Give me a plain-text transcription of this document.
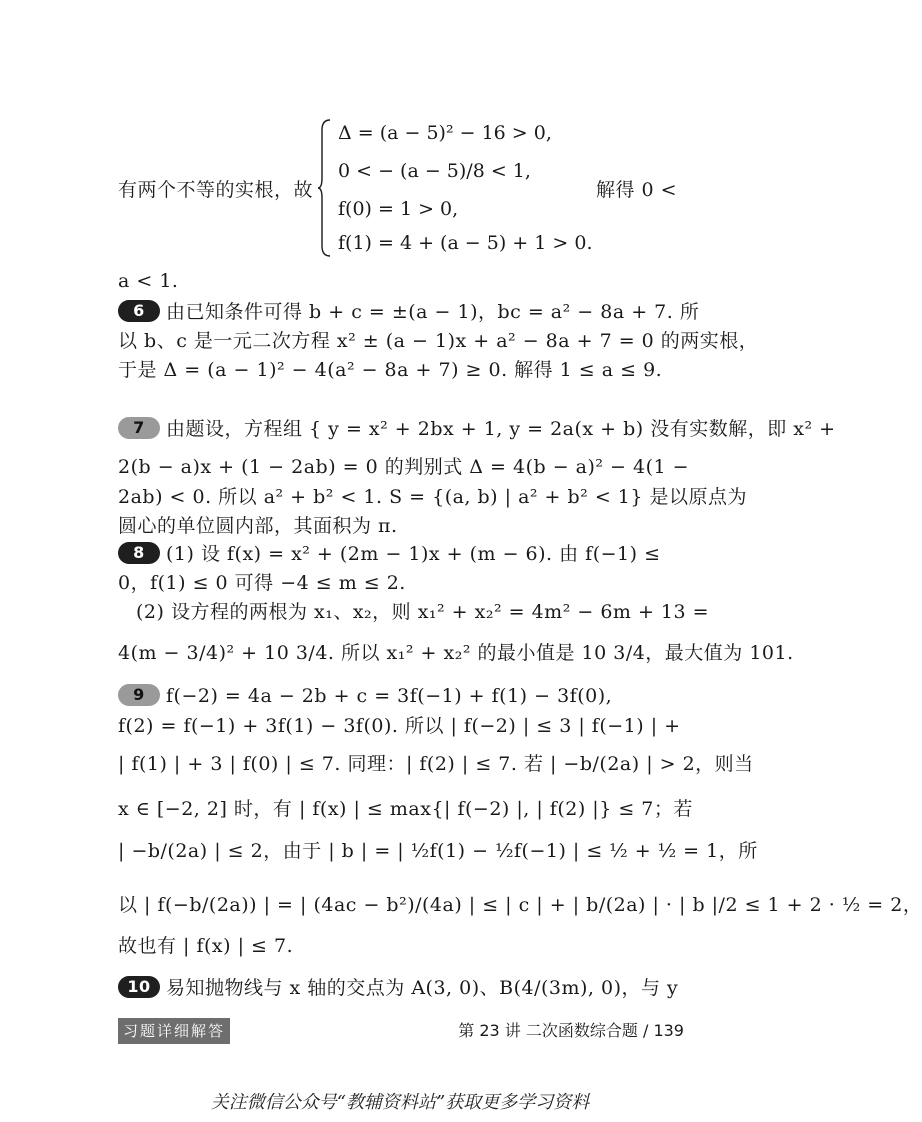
有两个不等的实根，故
Δ = (a − 5)² − 16 > 0,
0 < − (a − 5)/8 < 1,
f(0) = 1 > 0,
f(1) = 4 + (a − 5) + 1 > 0.
解得 0 <
a < 1.
6 由已知条件可得 b + c = ±(a − 1)，bc = a² − 8a + 7. 所
以 b、c 是一元二次方程 x² ± (a − 1)x + a² − 8a + 7 = 0 的两实根，
于是 Δ = (a − 1)² − 4(a² − 8a + 7) ≥ 0. 解得 1 ≤ a ≤ 9.
7 由题设，方程组 { y = x² + 2bx + 1, y = 2a(x + b) 没有实数解，即 x² +
2(b − a)x + (1 − 2ab) = 0 的判别式 Δ = 4(b − a)² − 4(1 −
2ab) < 0. 所以 a² + b² < 1. S = {(a, b) | a² + b² < 1} 是以原点为
圆心的单位圆内部，其面积为 π.
8 (1) 设 f(x) = x² + (2m − 1)x + (m − 6). 由 f(−1) ≤
0，f(1) ≤ 0 可得 −4 ≤ m ≤ 2.
(2) 设方程的两根为 x₁、x₂，则 x₁² + x₂² = 4m² − 6m + 13 =
4(m − 3/4)² + 10 3/4. 所以 x₁² + x₂² 的最小值是 10 3/4，最大值为 101.
9 f(−2) = 4a − 2b + c = 3f(−1) + f(1) − 3f(0),
f(2) = f(−1) + 3f(1) − 3f(0). 所以 | f(−2) | ≤ 3 | f(−1) | +
| f(1) | + 3 | f(0) | ≤ 7. 同理：| f(2) | ≤ 7. 若 | −b/(2a) | > 2，则当
x ∈ [−2, 2] 时，有 | f(x) | ≤ max{| f(−2) |, | f(2) |} ≤ 7；若
| −b/(2a) | ≤ 2，由于 | b | = | ½f(1) − ½f(−1) | ≤ ½ + ½ = 1，所
以 | f(−b/(2a)) | = | (4ac − b²)/(4a) | ≤ | c | + | b/(2a) | · | b |/2 ≤ 1 + 2 · ½ = 2，
故也有 | f(x) | ≤ 7.
10 易知抛物线与 x 轴的交点为 A(3, 0)、B(4/(3m), 0)，与 y
习题详细解答	第 23 讲 二次函数综合题 / 139
关注微信公众号“教辅资料站”获取更多学习资料
